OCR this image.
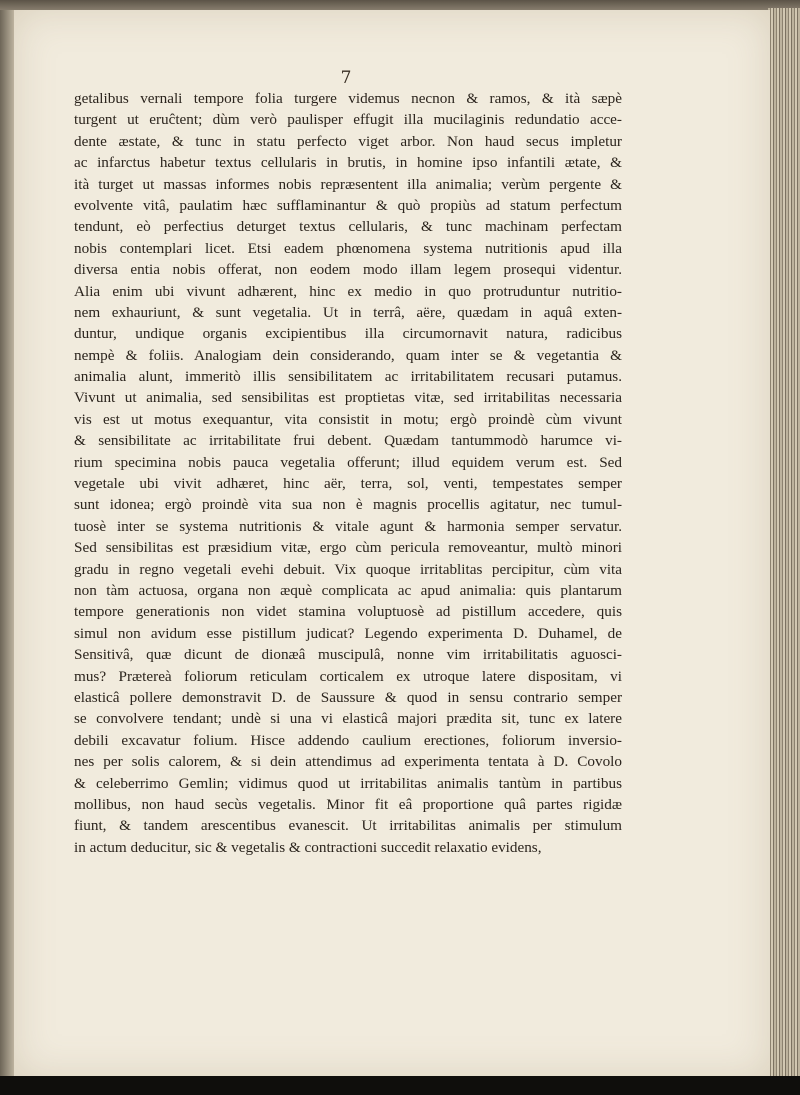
7
getalibus vernali tempore folia turgere videmus necnon & ramos, & ità sæpè
turgent ut eruĉtent; dùm verò paulisper effugit illa mucilaginis redundatio acce-
dente æstate, & tunc in statu perfecto viget arbor. Non haud secus impletur
ac infarctus habetur textus cellularis in brutis, in homine ipso infantili ætate, &
ità turget ut massas informes nobis repræsentent illa animalia; verùm pergente &
evolvente vitâ, paulatim hæc sufflaminantur & quò propiùs ad statum perfectum
tendunt, eò perfectius deturget textus cellularis, & tunc machinam perfectam
nobis contemplari licet. Etsi eadem phœnomena systema nutritionis apud illa
diversa entia nobis offerat, non eodem modo illam legem prosequi videntur.
Alia enim ubi vivunt adhærent, hinc ex medio in quo protruduntur nutritio-
nem exhauriunt, & sunt vegetalia. Ut in terrâ, aëre, quædam in aquâ exten-
duntur, undique organis excipientibus illa circumornavit natura, radicibus
nempè & foliis. Analogiam dein considerando, quam inter se & vegetantia &
animalia alunt, immeritò illis sensibilitatem ac irritabilitatem recusari putamus.
Vivunt ut animalia, sed sensibilitas est proptietas vitæ, sed irritabilitas necessaria
vis est ut motus exequantur, vita consistit in motu; ergò proindè cùm vivunt
& sensibilitate ac irritabilitate frui debent. Quædam tantummodò harumce vi-
rium specimina nobis pauca vegetalia offerunt; illud equidem verum est. Sed
vegetale ubi vivit adhæret, hinc aër, terra, sol, venti, tempestates semper
sunt idonea; ergò proindè vita sua non è magnis procellis agitatur, nec tumul-
tuosè inter se systema nutritionis & vitale agunt & harmonia semper servatur.
Sed sensibilitas est præsidium vitæ, ergo cùm pericula removeantur, multò minori
gradu in regno vegetali evehi debuit. Vix quoque irritablitas percipitur, cùm vita
non tàm actuosa, organa non æquè complicata ac apud animalia: quis plantarum
tempore generationis non videt stamina voluptuosè ad pistillum accedere, quis
simul non avidum esse pistillum judicat? Legendo experimenta D. Duhamel, de
Sensitivâ, quæ dicunt de dionæâ muscipulâ, nonne vim irritabilitatis aguosci-
mus? Prætereà foliorum reticulam corticalem ex utroque latere dispositam, vi
elasticâ pollere demonstravit D. de Saussure & quod in sensu contrario semper
se convolvere tendant; undè si una vi elasticâ majori prædita sit, tunc ex latere
debili excavatur folium. Hisce addendo caulium erectiones, foliorum inversio-
nes per solis calorem, & si dein attendimus ad experimenta tentata à D. Covolo
& celeberrimo Gemlin; vidimus quod ut irritabilitas animalis tantùm in partibus
mollibus, non haud secùs vegetalis. Minor fit eâ proportione quâ partes rigidæ
fiunt, & tandem arescentibus evanescit. Ut irritabilitas animalis per stimulum
in actum deducitur, sic & vegetalis & contractioni succedit relaxatio evidens,
